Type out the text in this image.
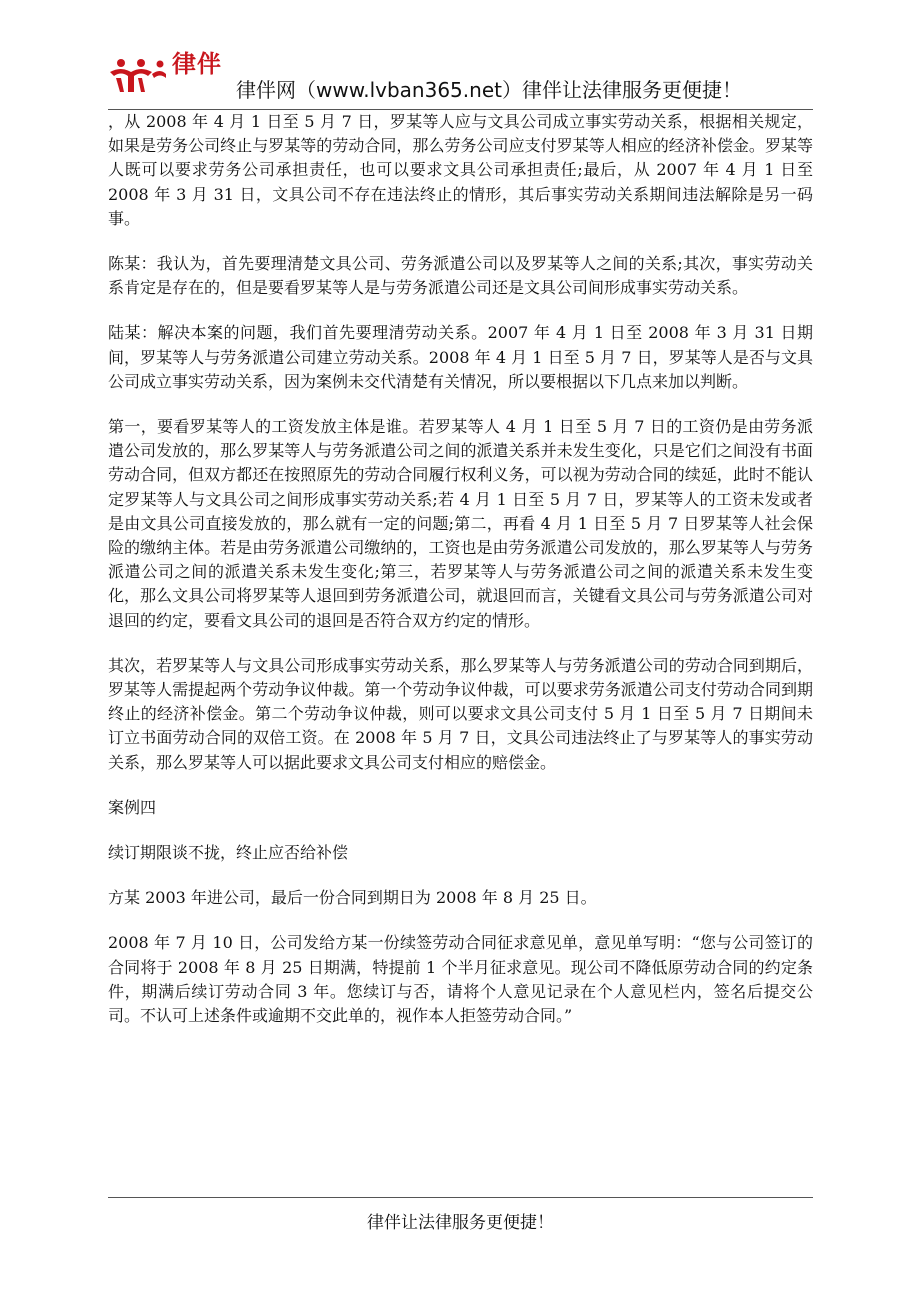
律伴
律伴网（www.lvban365.net）律伴让法律服务更便捷！

，从 2008 年 4 月 1 日至 5 月 7 日，罗某等人应与文具公司成立事实劳动关系，根据相关规定，如果是劳务公司终止与罗某等的劳动合同，那么劳务公司应支付罗某等人相应的经济补偿金。罗某等人既可以要求劳务公司承担责任，也可以要求文具公司承担责任;最后，从 2007 年 4 月 1 日至 2008 年 3 月 31 日，文具公司不存在违法终止的情形，其后事实劳动关系期间违法解除是另一码事。

陈某：我认为，首先要理清楚文具公司、劳务派遣公司以及罗某等人之间的关系;其次，事实劳动关系肯定是存在的，但是要看罗某等人是与劳务派遣公司还是文具公司间形成事实劳动关系。

陆某：解决本案的问题，我们首先要理清劳动关系。2007 年 4 月 1 日至 2008 年 3 月 31 日期间，罗某等人与劳务派遣公司建立劳动关系。2008 年 4 月 1 日至 5 月 7 日，罗某等人是否与文具公司成立事实劳动关系，因为案例未交代清楚有关情况，所以要根据以下几点来加以判断。

第一，要看罗某等人的工资发放主体是谁。若罗某等人 4 月 1 日至 5 月 7 日的工资仍是由劳务派遣公司发放的，那么罗某等人与劳务派遣公司之间的派遣关系并未发生变化，只是它们之间没有书面劳动合同，但双方都还在按照原先的劳动合同履行权利义务，可以视为劳动合同的续延，此时不能认定罗某等人与文具公司之间形成事实劳动关系;若 4 月 1 日至 5 月 7 日，罗某等人的工资未发或者是由文具公司直接发放的，那么就有一定的问题;第二，再看 4 月 1 日至 5 月 7 日罗某等人社会保险的缴纳主体。若是由劳务派遣公司缴纳的，工资也是由劳务派遣公司发放的，那么罗某等人与劳务派遣公司之间的派遣关系未发生变化;第三，若罗某等人与劳务派遣公司之间的派遣关系未发生变化，那么文具公司将罗某等人退回到劳务派遣公司，就退回而言，关键看文具公司与劳务派遣公司对退回的约定，要看文具公司的退回是否符合双方约定的情形。

其次，若罗某等人与文具公司形成事实劳动关系，那么罗某等人与劳务派遣公司的劳动合同到期后，罗某等人需提起两个劳动争议仲裁。第一个劳动争议仲裁，可以要求劳务派遣公司支付劳动合同到期终止的经济补偿金。第二个劳动争议仲裁，则可以要求文具公司支付 5 月 1 日至 5 月 7 日期间未订立书面劳动合同的双倍工资。在 2008 年 5 月 7 日，文具公司违法终止了与罗某等人的事实劳动关系，那么罗某等人可以据此要求文具公司支付相应的赔偿金。

案例四

续订期限谈不拢，终止应否给补偿

方某 2003 年进公司，最后一份合同到期日为 2008 年 8 月 25 日。

2008 年 7 月 10 日，公司发给方某一份续签劳动合同征求意见单，意见单写明：“您与公司签订的合同将于 2008 年 8 月 25 日期满，特提前 1 个半月征求意见。现公司不降低原劳动合同的约定条件，期满后续订劳动合同 3 年。您续订与否，请将个人意见记录在个人意见栏内，签名后提交公司。不认可上述条件或逾期不交此单的，视作本人拒签劳动合同。”

律伴让法律服务更便捷！
